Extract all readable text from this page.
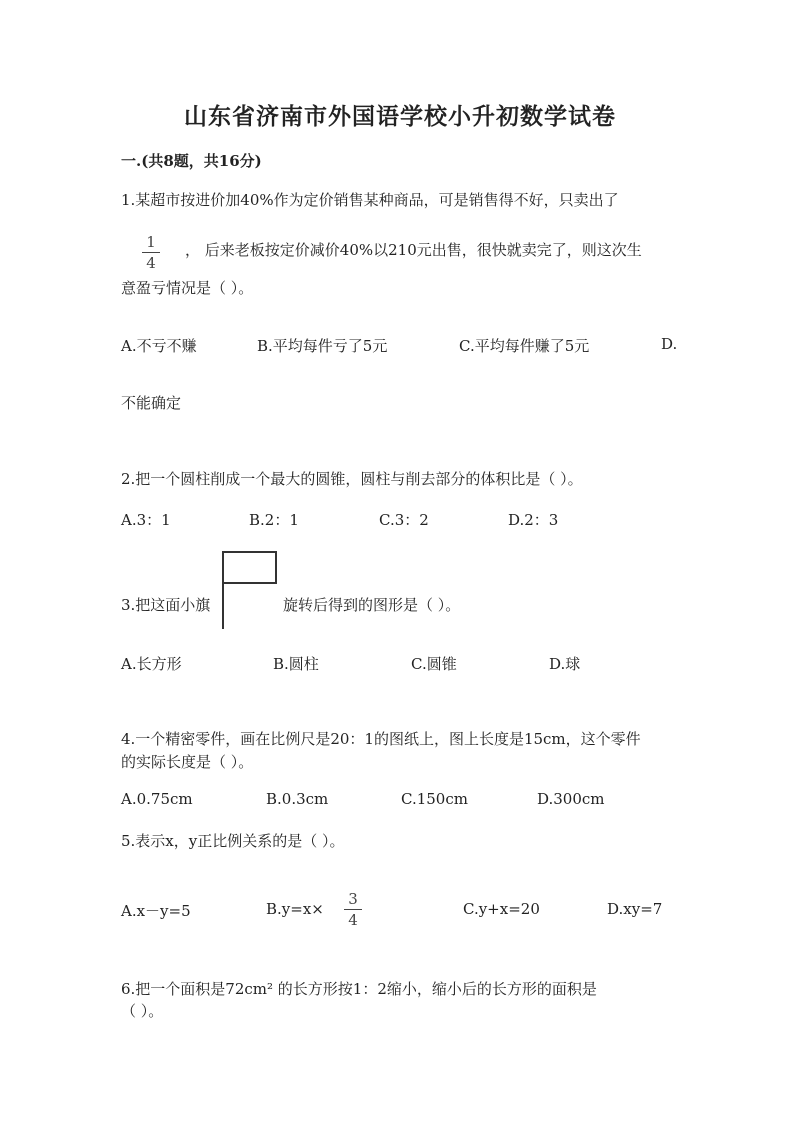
山东省济南市外国语学校小升初数学试卷
一.(共8题，共16分)
1.某超市按进价加40%作为定价销售某种商品，可是销售得不好，只卖出了
1
4
， 后来老板按定价减价40%以210元出售，很快就卖完了，则这次生
意盈亏情况是（ ）。
A.不亏不赚	B.平均每件亏了5元	C.平均每件赚了5元	D.
不能确定
2.把一个圆柱削成一个最大的圆锥，圆柱与削去部分的体积比是（ ）。
A.3：1	B.2：1	C.3：2	D.2：3
3.把这面小旗	旋转后得到的图形是（ ）。
A.长方形	B.圆柱	C.圆锥	D.球
4.一个精密零件，画在比例尺是20：1的图纸上，图上长度是15cm，这个零件
的实际长度是（ ）。
A.0.75cm	B.0.3cm	C.150cm	D.300cm
5.表示x，y正比例关系的是（ ）。
A.x－y=5	B.y=x×
3
4
C.y+x=20	D.xy=7
6.把一个面积是72cm² 的长方形按1：2缩小，缩小后的长方形的面积是
（ ）。
